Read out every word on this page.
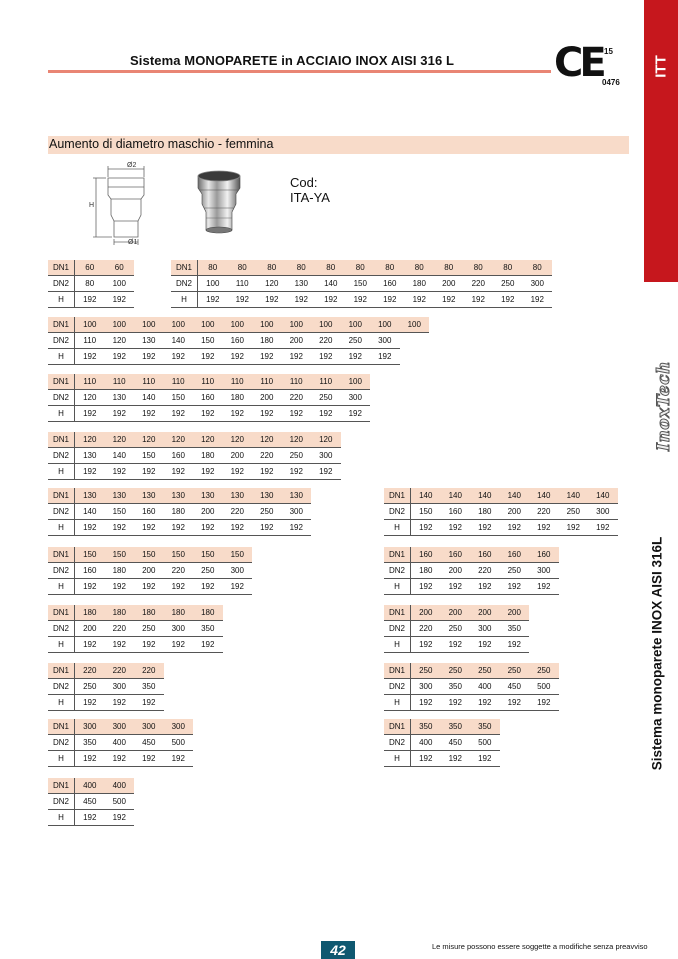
Sistema MONOPARETE in ACCIAIO INOX AISI 316 L CE 15
0476
ITT
InoxTech
Sistema monoparete INOX AISI 316L
Aumento di diametro maschio - femmina
Ø2
H
Ø1
Cod:
ITA-YA
DN1	60	60
DN2	80	100
H	192	192
DN1	80	80	80	80	80	80	80	80	80	80	80	80
DN2	100	110	120	130	140	150	160	180	200	220	250	300
H	192	192	192	192	192	192	192	192	192	192	192	192
DN1	100	100	100	100	100	100	100	100	100	100	100	100
DN2	110	120	130	140	150	160	180	200	220	250	300	
H	192	192	192	192	192	192	192	192	192	192	192	
DN1	110	110	110	110	110	110	110	110	110	100
DN2	120	130	140	150	160	180	200	220	250	300
H	192	192	192	192	192	192	192	192	192	192
DN1	120	120	120	120	120	120	120	120	120
DN2	130	140	150	160	180	200	220	250	300
H	192	192	192	192	192	192	192	192	192
DN1	130	130	130	130	130	130	130	130
DN2	140	150	160	180	200	220	250	300
H	192	192	192	192	192	192	192	192
DN1	140	140	140	140	140	140	140
DN2	150	160	180	200	220	250	300
H	192	192	192	192	192	192	192
DN1	150	150	150	150	150	150
DN2	160	180	200	220	250	300
H	192	192	192	192	192	192
DN1	160	160	160	160	160
DN2	180	200	220	250	300
H	192	192	192	192	192
DN1	180	180	180	180	180
DN2	200	220	250	300	350
H	192	192	192	192	192
DN1	200	200	200	200
DN2	220	250	300	350
H	192	192	192	192
DN1	220	220	220
DN2	250	300	350
H	192	192	192
DN1	250	250	250	250	250
DN2	300	350	400	450	500
H	192	192	192	192	192
DN1	300	300	300	300
DN2	350	400	450	500
H	192	192	192	192
DN1	350	350	350
DN2	400	450	500
H	192	192	192
DN1	400	400
DN2	450	500
H	192	192
42	Le misure possono essere soggette a modifiche senza preavviso
